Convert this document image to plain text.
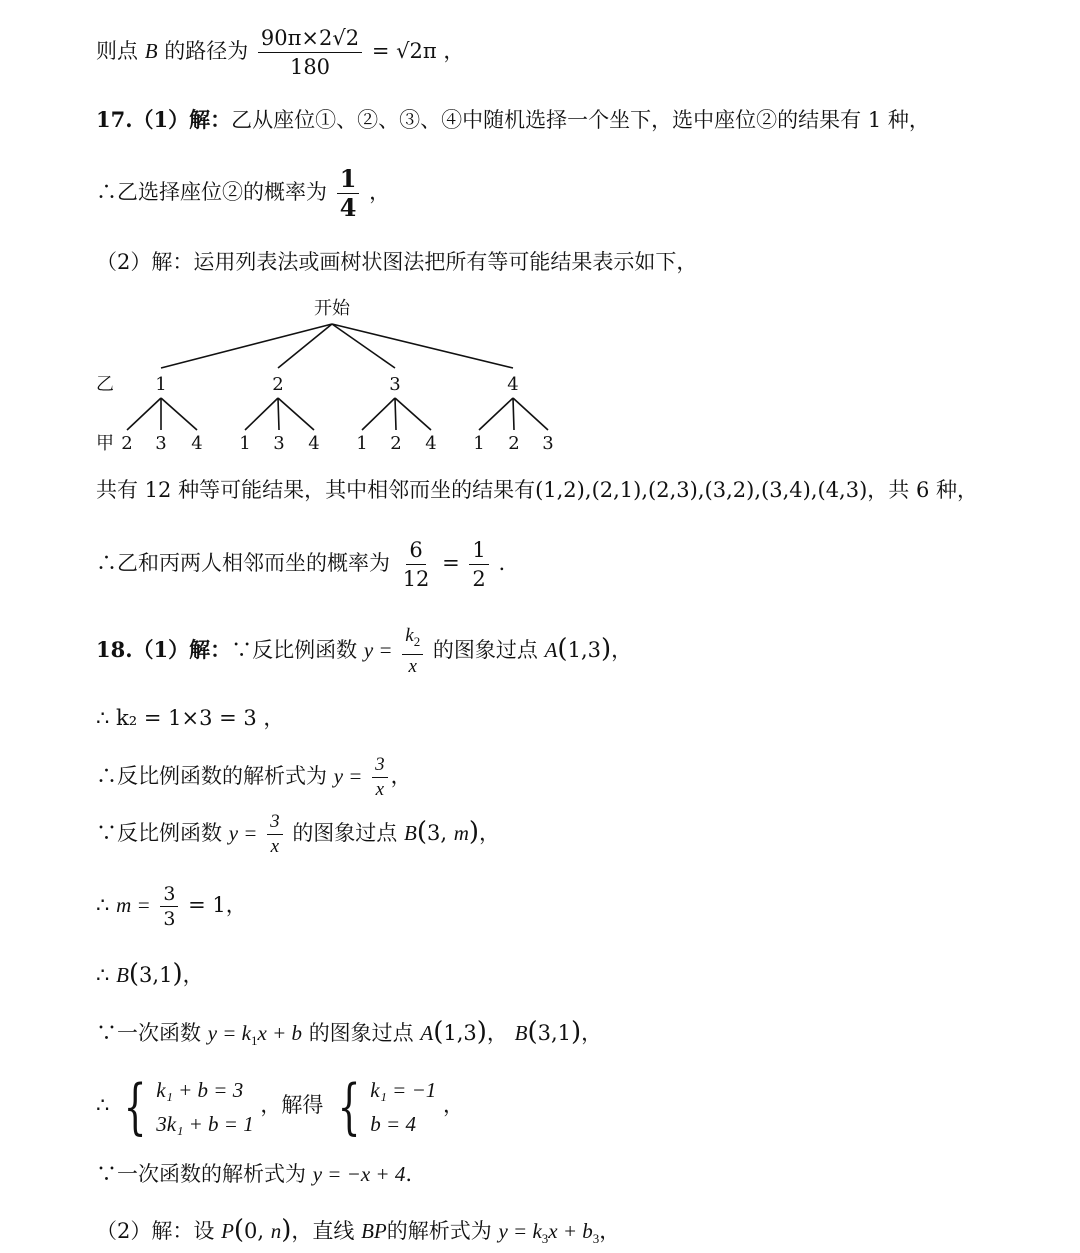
则点 B 的路径为 $\frac{90\pi\times 2√2}{180} = √2\pi$ ，
17.（1）解：乙从座位①、②、③、④中随机选择一个坐下，选中座位②的结果有 1 种，
∴乙选择座位②的概率为 $\frac{1}{4}$ ，
（2）解：运用列表法或画树状图法把所有等可能结果表示如下，
开始
乙 1	2	3	4
甲 2 3 4 1 3 4 1 2 4 1 2 3
共有 12 种等可能结果，其中相邻而坐的结果有(1,2),(2,1),(2,3),(3,2),(3,4),(4,3)，共 6 种，
∴乙和丙两人相邻而坐的概率为 $\frac{6}{12} = \frac{1}{2}$ .
18.（1）解：∵反比例函数 $y = \frac{k_2}{x}$ 的图象过点 A(1,3)，
∴ k₂ = 1×3 = 3 ，
∴反比例函数的解析式为 $y = \frac{3}{x}$ ，
∵反比例函数 $y = \frac{3}{x}$ 的图象过点 B(3, m)，
∴ $m = \frac{3}{3} = 1$，
∴ B(3,1)，
∵一次函数 $y = k_1x + b$ 的图象过点 A(1,3)， B(3,1)，
∴ { k₁ + b = 3
3k₁ + b = 1
，解得 { k₁ = −1
b = 4
，
∵一次函数的解析式为 y = −x + 4.
（2）解：设 P(0, n)，直线 BP的解析式为 $y = k_3x + b_3$，
